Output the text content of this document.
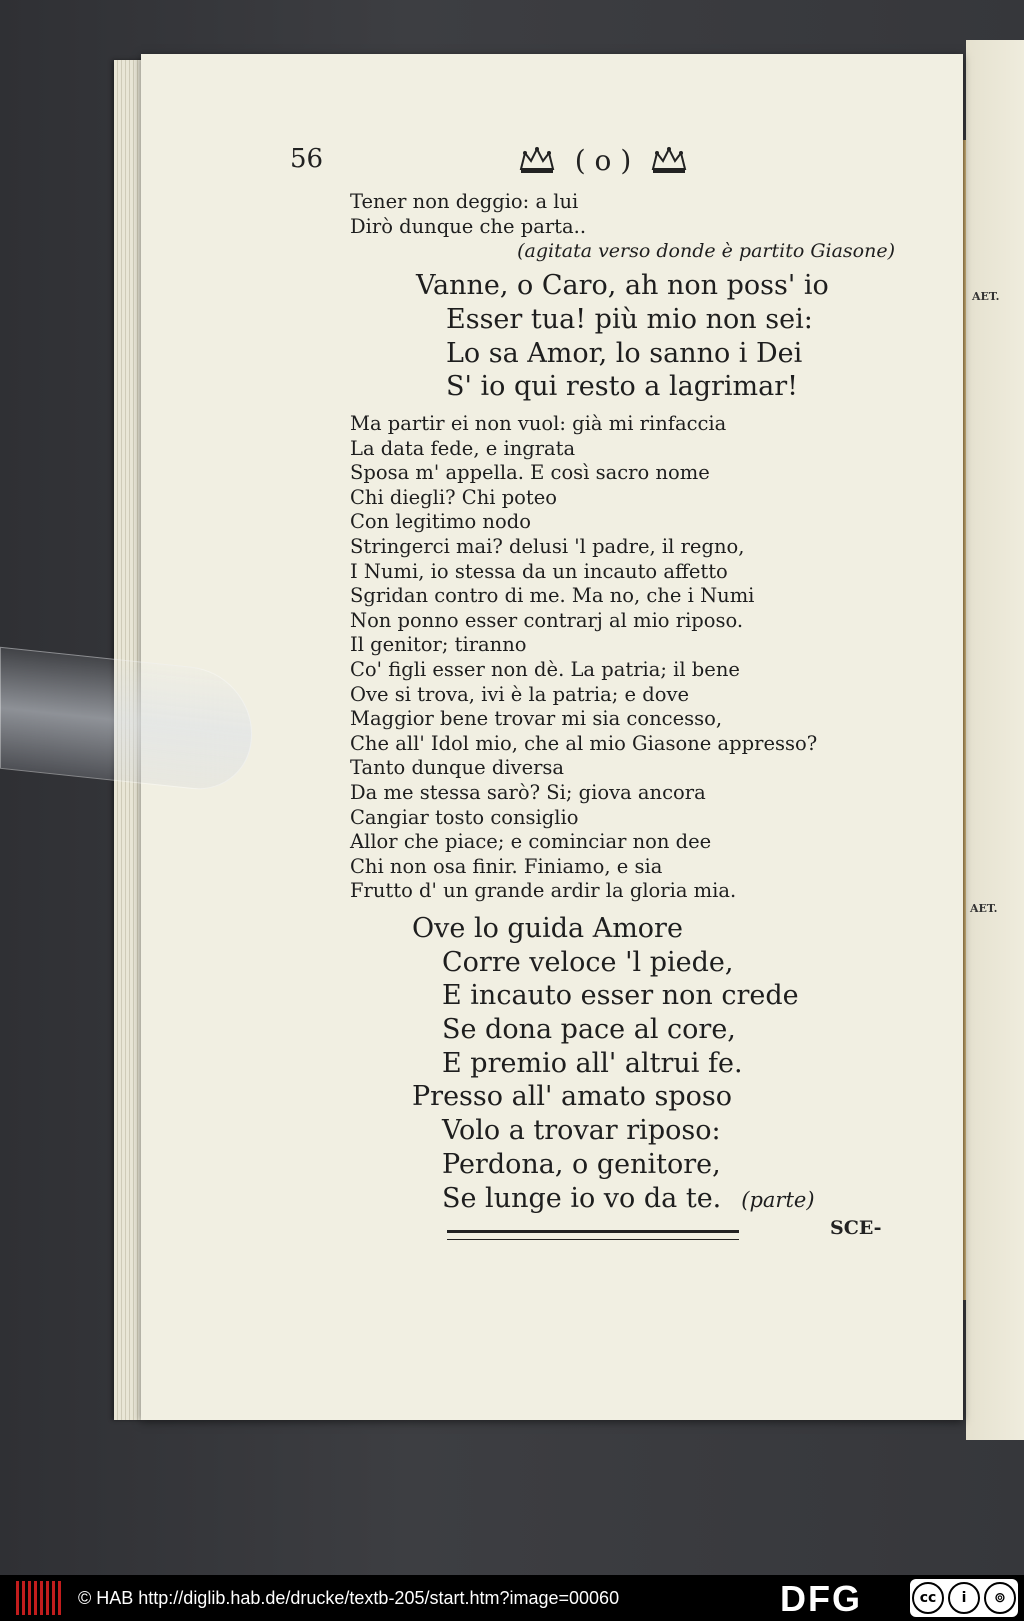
AET.
AET.
56	( o )

Tener non deggio: a lui

Dirò dunque che parta..

(agitata verso donde è partito Giasone)

Vanne, o Caro, ah non poss' io

Esser tua! più mio non sei:

Lo sa Amor, lo sanno i Dei

S' io qui resto a lagrimar!

Ma partir ei non vuol: già mi rinfaccia

La data fede, e ingrata

Sposa m' appella. E così sacro nome

Chi diegli? Chi poteo

Con legitimo nodo

Stringerci mai? delusi 'l padre, il regno,

I Numi, io stessa da un incauto affetto

Sgridan contro di me. Ma no, che i Numi

Non ponno esser contrarj al mio riposo.

Il genitor; tiranno

Co' figli esser non dè. La patria; il bene

Ove si trova, ivi è la patria; e dove

Maggior bene trovar mi sia concesso,

Che all' Idol mio, che al mio Giasone appresso?

Tanto dunque diversa

Da me stessa sarò? Si; giova ancora

Cangiar tosto consiglio

Allor che piace; e cominciar non dee

Chi non osa finir. Finiamo, e sia

Frutto d' un grande ardir la gloria mia.

Ove lo guida Amore

Corre veloce 'l piede,

E incauto esser non crede

Se dona pace al core,

E premio all' altrui fe.

Presso all' amato sposo

Volo a trovar riposo:

Perdona, o genitore,

Se lunge io vo da te. (parte)

SCE-
© HAB http://diglib.hab.de/drucke/textb-205/start.htm?image=00060	DFG	cc	i	⊚
